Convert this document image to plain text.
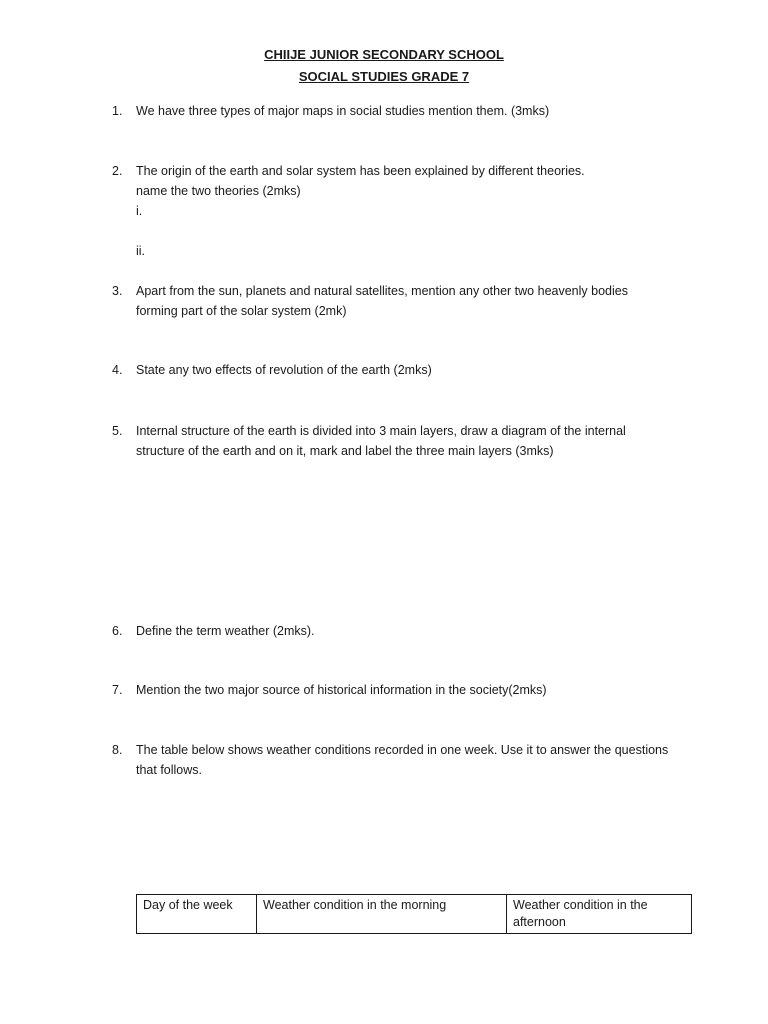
CHIIJE JUNIOR SECONDARY SCHOOL
SOCIAL STUDIES GRADE 7
1.	We have three types of major maps in social studies mention them. (3mks)
2.	The origin of the earth and solar system has been explained by different theories.
name the two theories (2mks)
i.
ii.
3.	Apart from the sun, planets and natural satellites, mention any other two heavenly bodies
forming part of the solar system (2mk)
4.	State any two effects of revolution of the earth (2mks)
5.	Internal structure of the earth is divided into 3 main layers, draw a diagram of the internal
structure of the earth and on it, mark and label the three main layers (3mks)
6.	Define the term weather (2mks).
7.	Mention the two major source of historical information in the society(2mks)
8.	The table below shows weather conditions recorded in one week. Use it to answer the questions
that follows.
Day of the week	Weather condition in the morning	Weather condition in the afternoon
